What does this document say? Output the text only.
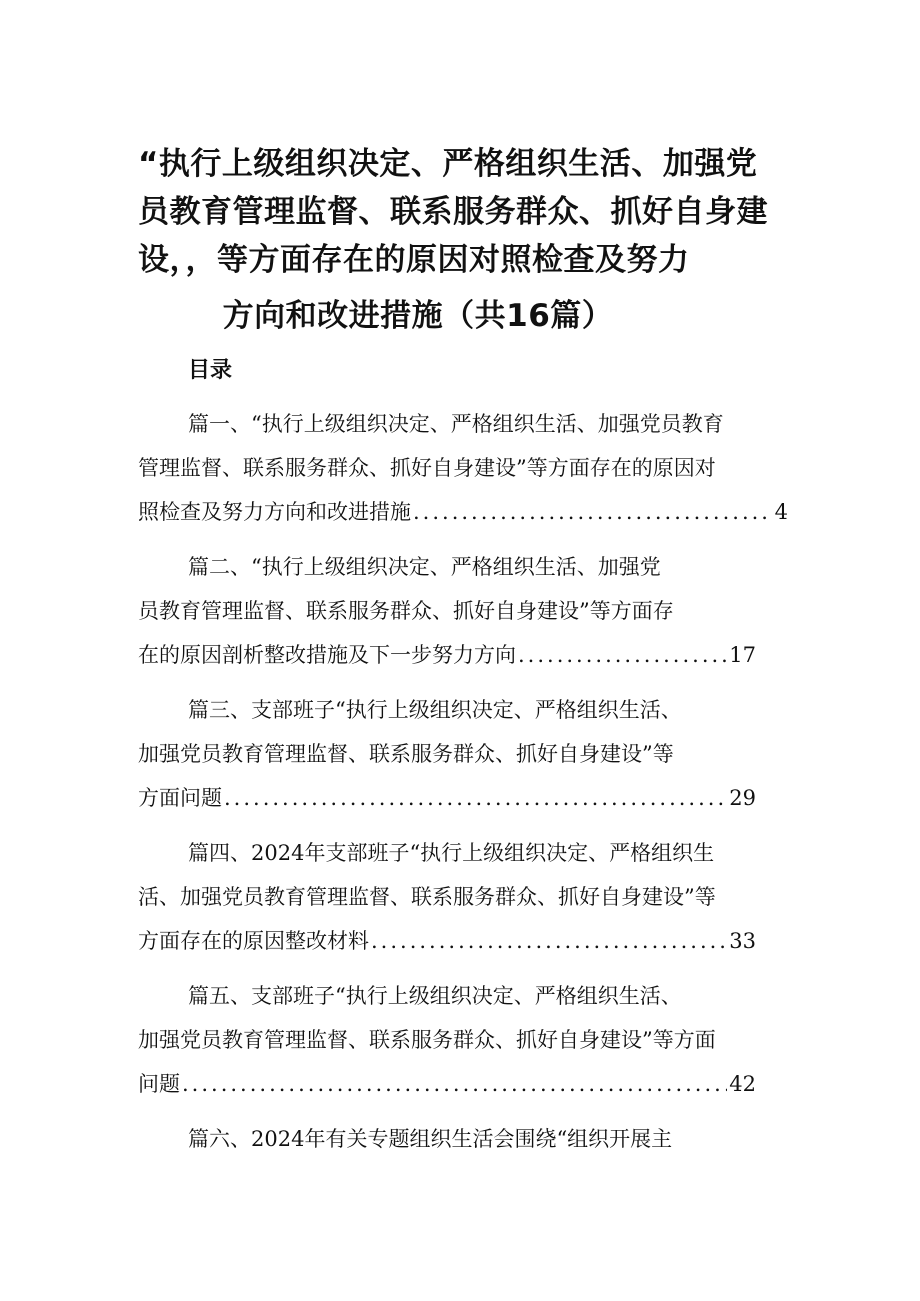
“执行上级组织决定、严格组织生活、加强党
员教育管理监督、联系服务群众、抓好自身建
设，，等方面存在的原因对照检查及努力
方向和改进措施（共16篇）
目录
篇一、“执行上级组织决定、严格组织生活、加强党员教育
管理监督、联系服务群众、抓好自身建设”等方面存在的原因对
照检查及努力方向和改进措施 .....	4
篇二、“执行上级组织决定、严格组织生活、加强党
员教育管理监督、联系服务群众、抓好自身建设”等方面存
在的原因剖析整改措施及下一步努力方向 .....	17
篇三、支部班子“执行上级组织决定、严格组织生活、
加强党员教育管理监督、联系服务群众、抓好自身建设”等
方面问题 .....	29
篇四、2024年支部班子“执行上级组织决定、严格组织生
活、加强党员教育管理监督、联系服务群众、抓好自身建设”等
方面存在的原因整改材料 .....	33
篇五、支部班子“执行上级组织决定、严格组织生活、
加强党员教育管理监督、联系服务群众、抓好自身建设”等方面
问题 .....	42
篇六、2024年有关专题组织生活会围绕“组织开展主
